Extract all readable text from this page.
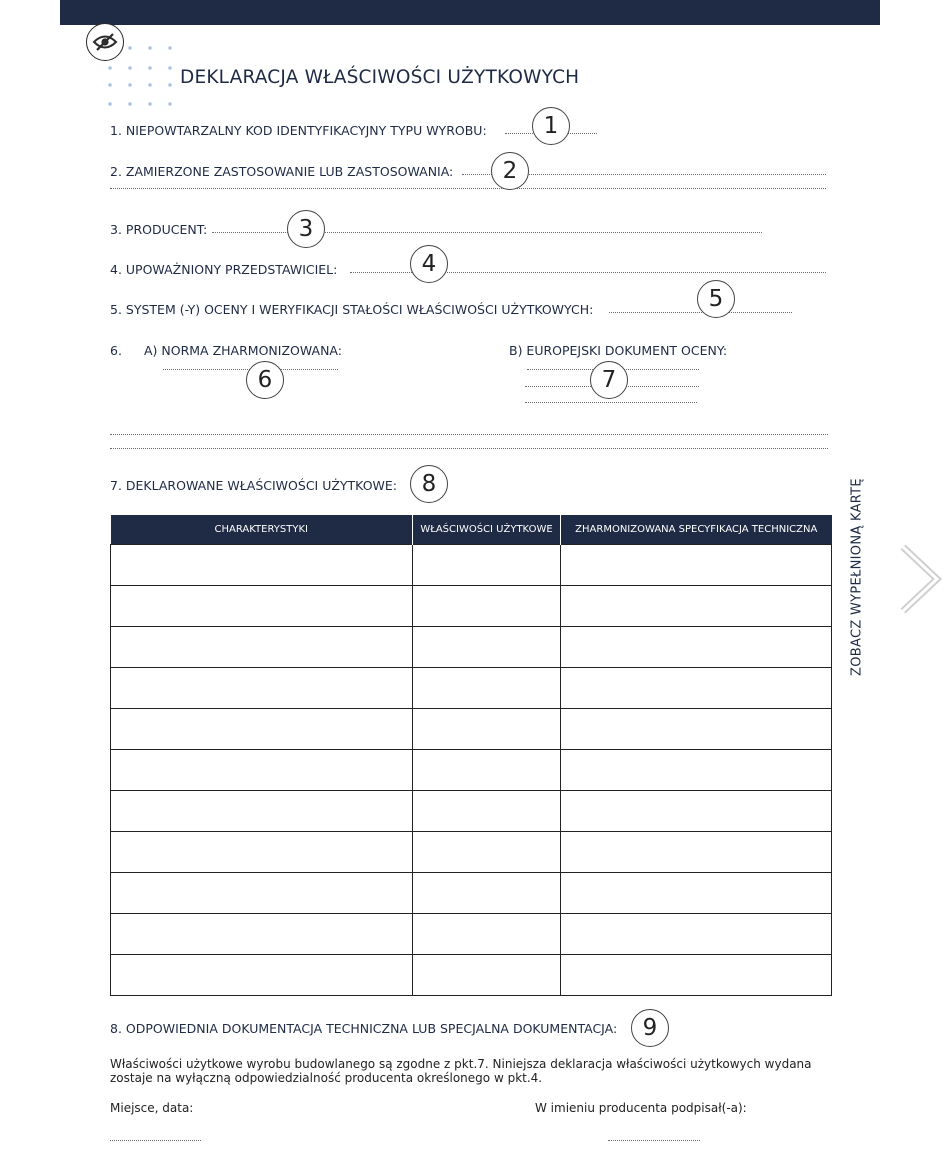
DEKLARACJA WŁAŚCIWOŚCI UŻYTKOWYCH
1. NIEPOWTARZALNY KOD IDENTYFIKACYJNY TYPU WYROBU:	1
2. ZAMIERZONE ZASTOSOWANIE LUB ZASTOSOWANIA:	2
3. PRODUCENT:	3
4. UPOWAŻNIONY PRZEDSTAWICIEL:	4
5. SYSTEM (-Y) OCENY I WERYFIKACJI STAŁOŚCI WŁAŚCIWOŚCI UŻYTKOWYCH:	5
6. A) NORMA ZHARMONIZOWANA:	B) EUROPEJSKI DOKUMENT OCENY:
6	7
7. DEKLAROWANE WŁAŚCIWOŚCI UŻYTKOWE:	8
CHARAKTERYSTYKI	WŁAŚCIWOŚCI UŻYTKOWE	ZHARMONIZOWANA SPECYFIKACJA TECHNICZNA

8. ODPOWIEDNIA DOKUMENTACJA TECHNICZNA LUB SPECJALNA DOKUMENTACJA:	9
Właściwości użytkowe wyrobu budowlanego są zgodne z pkt.7. Niniejsza deklaracja właściwości użytkowych wydana zostaje na wyłączną odpowiedzialność producenta określonego w pkt.4.
Miejsce, data:	W imieniu producenta podpisał(-a):
ZOBACZ WYPEŁNIONĄ KARTĘ
